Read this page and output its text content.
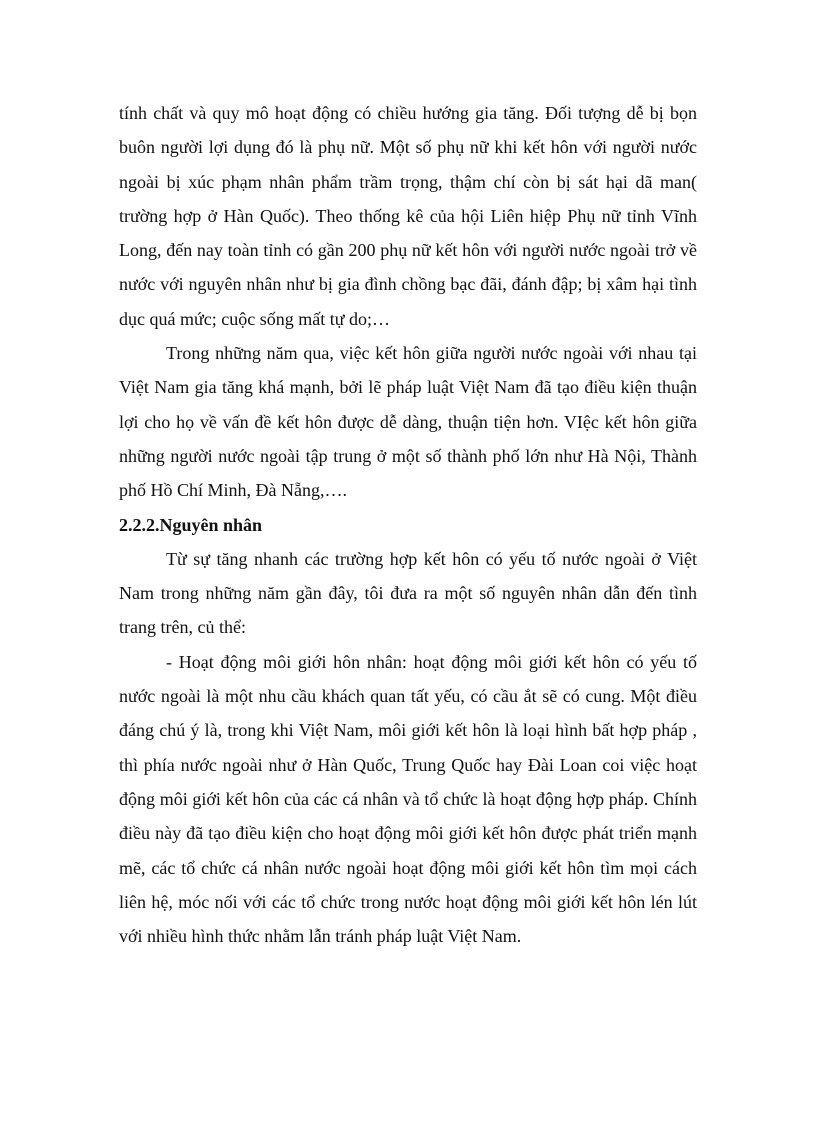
tính chất và quy mô hoạt động có chiều hướng gia tăng. Đối tượng dễ bị bọn buôn người lợi dụng đó là phụ nữ. Một số phụ nữ khi kết hôn với người nước ngoài bị xúc phạm nhân phẩm trầm trọng, thậm chí còn bị sát hại dã man( trường hợp ở Hàn Quốc). Theo thống kê của hội Liên hiệp Phụ nữ tỉnh Vĩnh Long, đến nay toàn tỉnh có gần 200 phụ nữ kết hôn với người nước ngoài trở về nước với nguyên nhân như bị gia đình chồng bạc đãi, đánh đập; bị xâm hại tình dục quá mức; cuộc sống mất tự do;…

Trong những năm qua, việc kết hôn giữa người nước ngoài với nhau tại Việt Nam gia tăng khá mạnh, bởi lẽ pháp luật Việt Nam đã tạo điều kiện thuận lợi cho họ về vấn đề kết hôn được dễ dàng, thuận tiện hơn. VIệc kết hôn giữa những người nước ngoài tập trung ở một số thành phố lớn như Hà Nội, Thành phố Hồ Chí Minh, Đà Nẵng,….

2.2.2.Nguyên nhân

Từ sự tăng nhanh các trường hợp kết hôn có yếu tố nước ngoài ở Việt Nam trong những năm gần đây, tôi đưa ra một số nguyên nhân dẫn đến tình trang trên, củ thể:

- Hoạt động môi giới hôn nhân: hoạt động môi giới kết hôn có yếu tố nước ngoài là một nhu cầu khách quan tất yếu, có cầu ắt sẽ có cung. Một điều đáng chú ý là, trong khi Việt Nam, môi giới kết hôn là loại hình bất hợp pháp , thì phía nước ngoài như ở Hàn Quốc, Trung Quốc hay Đài Loan coi việc hoạt động môi giới kết hôn của các cá nhân và tổ chức là hoạt động hợp pháp. Chính điều này đã tạo điều kiện cho hoạt động môi giới kết hôn được phát triển mạnh mẽ, các tổ chức cá nhân nước ngoài hoạt động môi giới kết hôn tìm mọi cách liên hệ, móc nối với các tổ chức trong nước hoạt động môi giới kết hôn lén lút với nhiều hình thức nhằm lẫn tránh pháp luật Việt Nam.
